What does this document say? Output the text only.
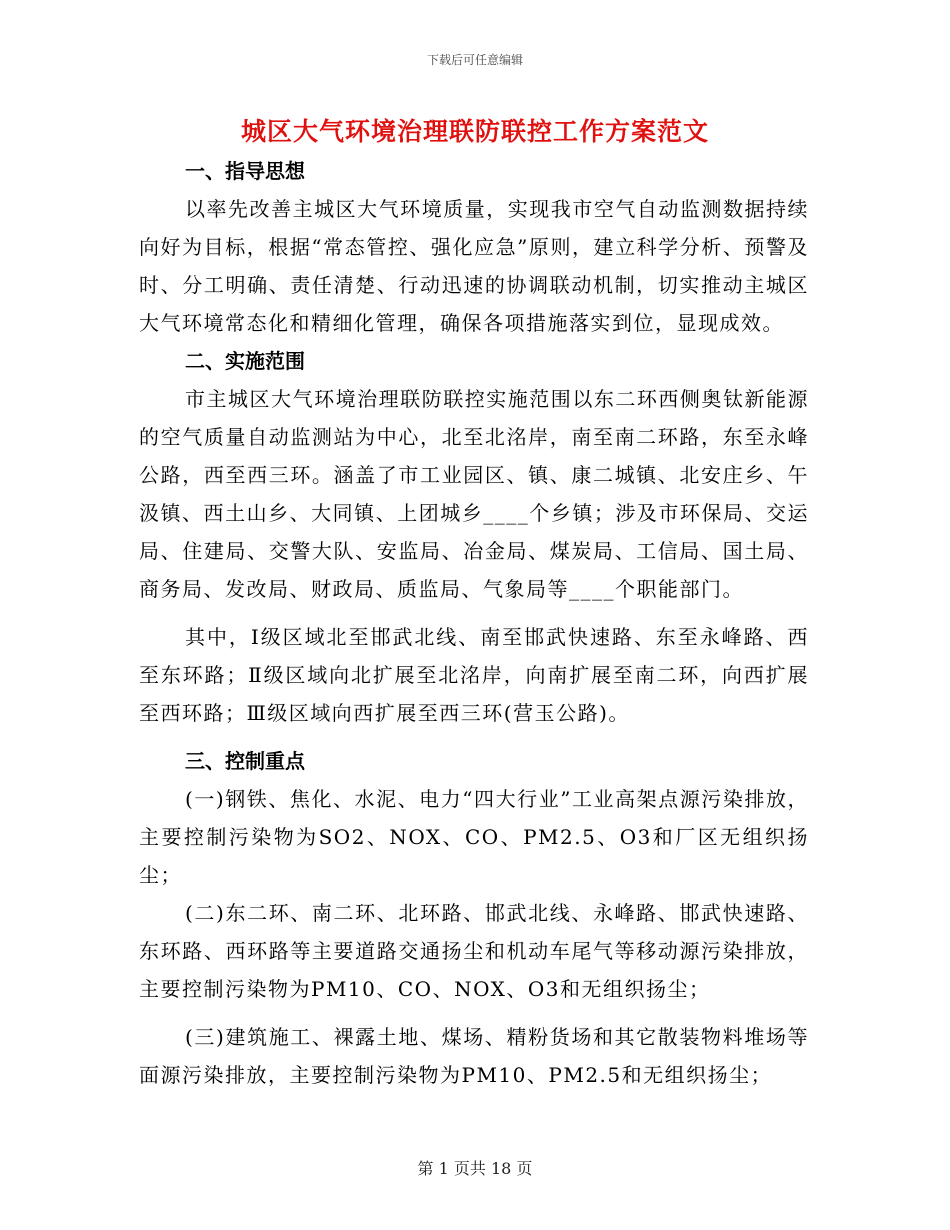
下载后可任意编辑
城区大气环境治理联防联控工作方案范文
一、指导思想

以率先改善主城区大气环境质量，实现我市空气自动监测数据持续向好为目标，根据“常态管控、强化应急”原则，建立科学分析、预警及时、分工明确、责任清楚、行动迅速的协调联动机制，切实推动主城区大气环境常态化和精细化管理，确保各项措施落实到位，显现成效。

二、实施范围

市主城区大气环境治理联防联控实施范围以东二环西侧奥钛新能源的空气质量自动监测站为中心，北至北洺岸，南至南二环路，东至永峰公路，西至西三环。涵盖了市工业园区、镇、康二城镇、北安庄乡、午汲镇、西土山乡、大同镇、上团城乡____个乡镇；涉及市环保局、交运局、住建局、交警大队、安监局、冶金局、煤炭局、工信局、国土局、商务局、发改局、财政局、质监局、气象局等____个职能部门。

其中，Ⅰ级区域北至邯武北线、南至邯武快速路、东至永峰路、西至东环路；Ⅱ级区域向北扩展至北洺岸，向南扩展至南二环，向西扩展至西环路；Ⅲ级区域向西扩展至西三环(营玉公路)。

三、控制重点

(一)钢铁、焦化、水泥、电力“四大行业”工业高架点源污染排放，主要控制污染物为SO2、NOX、CO、PM2.5、O3和厂区无组织扬尘；

(二)东二环、南二环、北环路、邯武北线、永峰路、邯武快速路、东环路、西环路等主要道路交通扬尘和机动车尾气等移动源污染排放，主要控制污染物为PM10、CO、NOX、O3和无组织扬尘；

(三)建筑施工、裸露土地、煤场、精粉货场和其它散装物料堆场等面源污染排放，主要控制污染物为PM10、PM2.5和无组织扬尘；

第 1 页共 18 页
